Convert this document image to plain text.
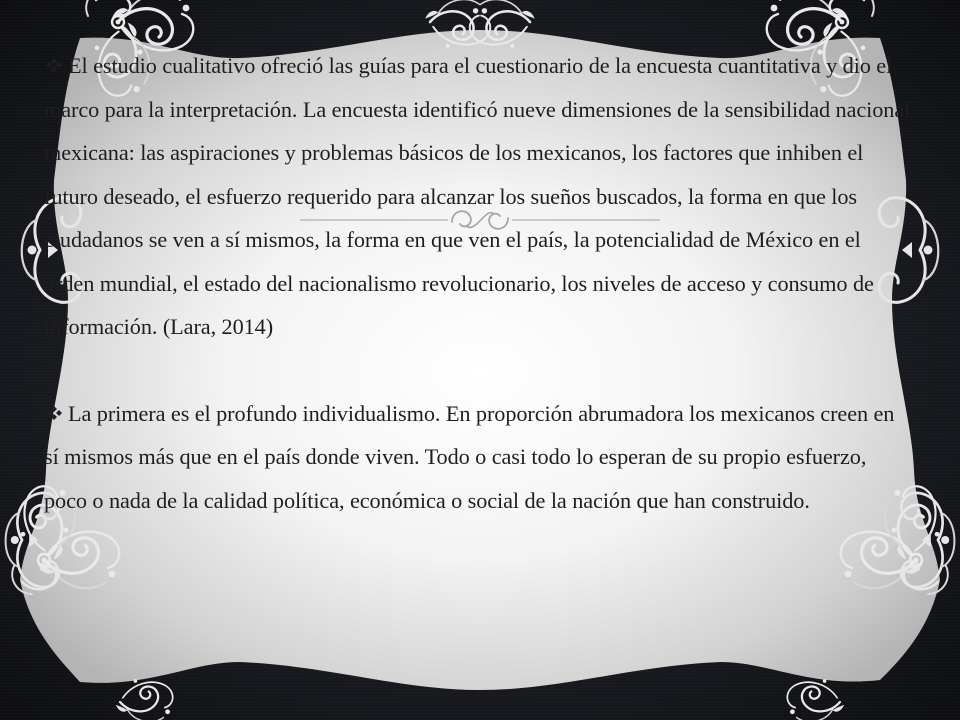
El estudio cualitativo ofreció las guías para el cuestionario de la encuesta cuantitativa y dio el marco para la interpretación. La encuesta identificó nueve dimensiones de la sensibilidad nacional mexicana: las aspiraciones y problemas básicos de los mexicanos, los factores que inhiben el futuro deseado, el esfuerzo requerido para alcanzar los sueños buscados, la forma en que los ciudadanos se ven a sí mismos, la forma en que ven el país, la potencialidad de México en el orden mundial, el estado del nacionalismo revolucionario, los niveles de acceso y consumo de información. (Lara, 2014)

La primera es el profundo individualismo. En proporción abrumadora los mexicanos creen en sí mismos más que en el país donde viven. Todo o casi todo lo esperan de su propio esfuerzo, poco o nada de la calidad política, económica o social de la nación que han construido.
